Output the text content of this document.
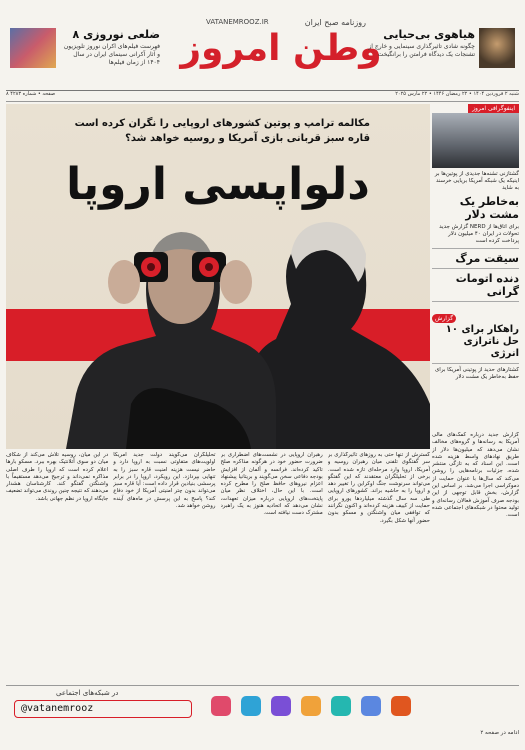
۸ ضلعی نوروزی

فهرست فیلم‌های اکران نوروز تلویزیون و آثار آکرانی سینمای ایران در سال ۱۴۰۴ از زمان فیلم‌ها

VATANEMROOZ.IR	روزنامه صبح ایران
وطن امروز هیاهوی بی‌حیایی

چگونه شادی تاثیرگذاری سینمایی و خارج از تشنجات یک دیدگاه فرامتن را برانگیخت

۸ صفحه • شماره ۴۲۸۳	شنبه ۲ فروردین ۱۴۰۴ • ۲۲ رمضان ۱۴۴۶ • ۲۲ مارس ۲۰۲۵
مکالمه ترامپ و پوتین کشورهای اروپایی را نگران کرده است
قاره سبز قربانی بازی آمریکا و روسیه خواهد شد؟
دلواپسی اروپا
اینفوگرافی امروز
گشتازنی تشنه‌ها جدیدی از پوتین‌ها بر اینیکه یک شبکه آمریکا بریایی خرسند به شاید
به‌خاطر یک مشت دلار
گزارش جدید NERD برای اتاق‌ها از تحولات در ایران ۴۰ میلیون دلار پرداخت کرده است
سیقت مرگ
دنده اتومات گرانی
گزارش
۱۰ راهکار برای حل ناترازی انرژی
کشتارهای حدید از پوتینی آمریکا برای حفظ به‌خاطر یک مشت دلار
در این میان، روسیه تلاش می‌کند از شکاف میان دو سوی آتلانتیک بهره ببرد. مسکو بارها اعلام کرده است که اروپا را طرف اصلی مذاکره نمی‌داند و ترجیح می‌دهد مستقیماً با واشنگتن گفتگو کند. کارشناسان هشدار می‌دهند که نتیجه چنین روندی می‌تواند تضعیف جایگاه اروپا در نظم جهانی باشد.
تحلیلگران می‌گویند دولت جدید آمریکا اولویت‌های متفاوتی نسبت به اروپا دارد و حاضر نیست هزینه امنیت قاره سبز را به تنهایی بپردازد. این رویکرد، اروپا را در برابر پرسشی بنیادین قرار داده است: آیا قاره سبز می‌تواند بدون چتر امنیتی آمریکا از خود دفاع کند؟ پاسخ به این پرسش در ماه‌های آینده روشن خواهد شد.
رهبران اروپایی در نشست‌های اضطراری بر ضرورت حضور خود در هرگونه مذاکره صلح تاکید کرده‌اند. فرانسه و آلمان از افزایش بودجه دفاعی سخن می‌گویند و بریتانیا پیشنهاد اعزام نیروهای حافظ صلح را مطرح کرده است. با این حال، اختلاف نظر میان پایتخت‌های اروپایی درباره میزان تعهدات، نشان می‌دهد که اتحادیه هنوز به یک راهبرد مشترک دست نیافته است.
گسترش از تنها حتی به روزهای تاثیرگذاری بر سر گفتگوی تلفنی میان رهبران روسیه و آمریکا، اروپا وارد مرحله‌ای تازه شده است. برخی از تحلیلگران معتقدند که این گفتگو می‌تواند سرنوشت جنگ اوکراین را تغییر دهد و اروپا را به حاشیه براند. کشورهای اروپایی طی سه سال گذشته میلیاردها یورو برای حمایت از کییف هزینه کرده‌اند و اکنون نگرانند که توافقی میان واشنگتن و مسکو بدون حضور آنها شکل بگیرد.
گزارش جدید درباره کمک‌های مالی آمریکا به رسانه‌ها و گروه‌های مخالف نشان می‌دهد که میلیون‌ها دلار از طریق نهادهای واسط هزینه شده است. این اسناد که به تازگی منتشر شده، جزئیات برنامه‌هایی را روشن می‌کند که سال‌ها با عنوان حمایت از دموکراسی اجرا می‌شد. بر اساس این گزارش، بخش قابل توجهی از این بودجه صرف آموزش فعالان رسانه‌ای و تولید محتوا در شبکه‌های اجتماعی شده است.
در شبکه‌های اجتماعی
@vatanemrooz
ادامه در صفحه ۲
